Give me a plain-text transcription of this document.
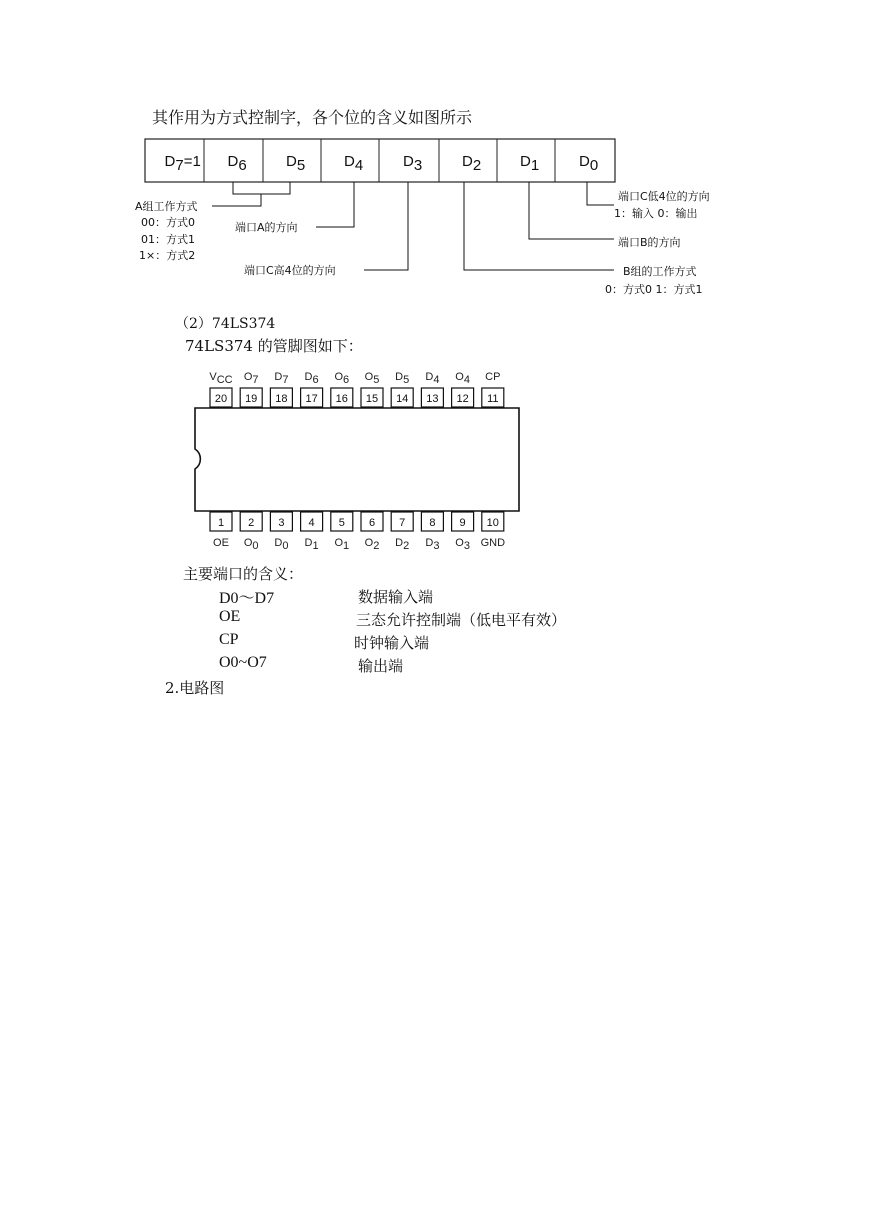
其作用为方式控制字，各个位的含义如图所示
D7=1 D6	D5	D4	D3	D2	D1	D0
A组工作方式
00：方式0
01：方式1
1×：方式2
端口A的方向
端口C高4位的方向
端口C低4位的方向
1：输入 0：输出
端口B的方向
B组的工作方式
0：方式0 1：方式1
（2）74LS374
74LS374 的管脚图如下：
20
VCC
19
O7
18
D7
17
D6
16
O6
15
O5
14
D5
13
D4
12
O4
11
CP
1
OE
2
O0
3
D0
4
D1
5
O1
6
O2
7
D2
8
D3
9
O3
10
GND
主要端口的含义：
D0～D7	数据输入端
OE	三态允许控制端（低电平有效）
CP	时钟输入端
O0~O7	输出端
2.电路图
